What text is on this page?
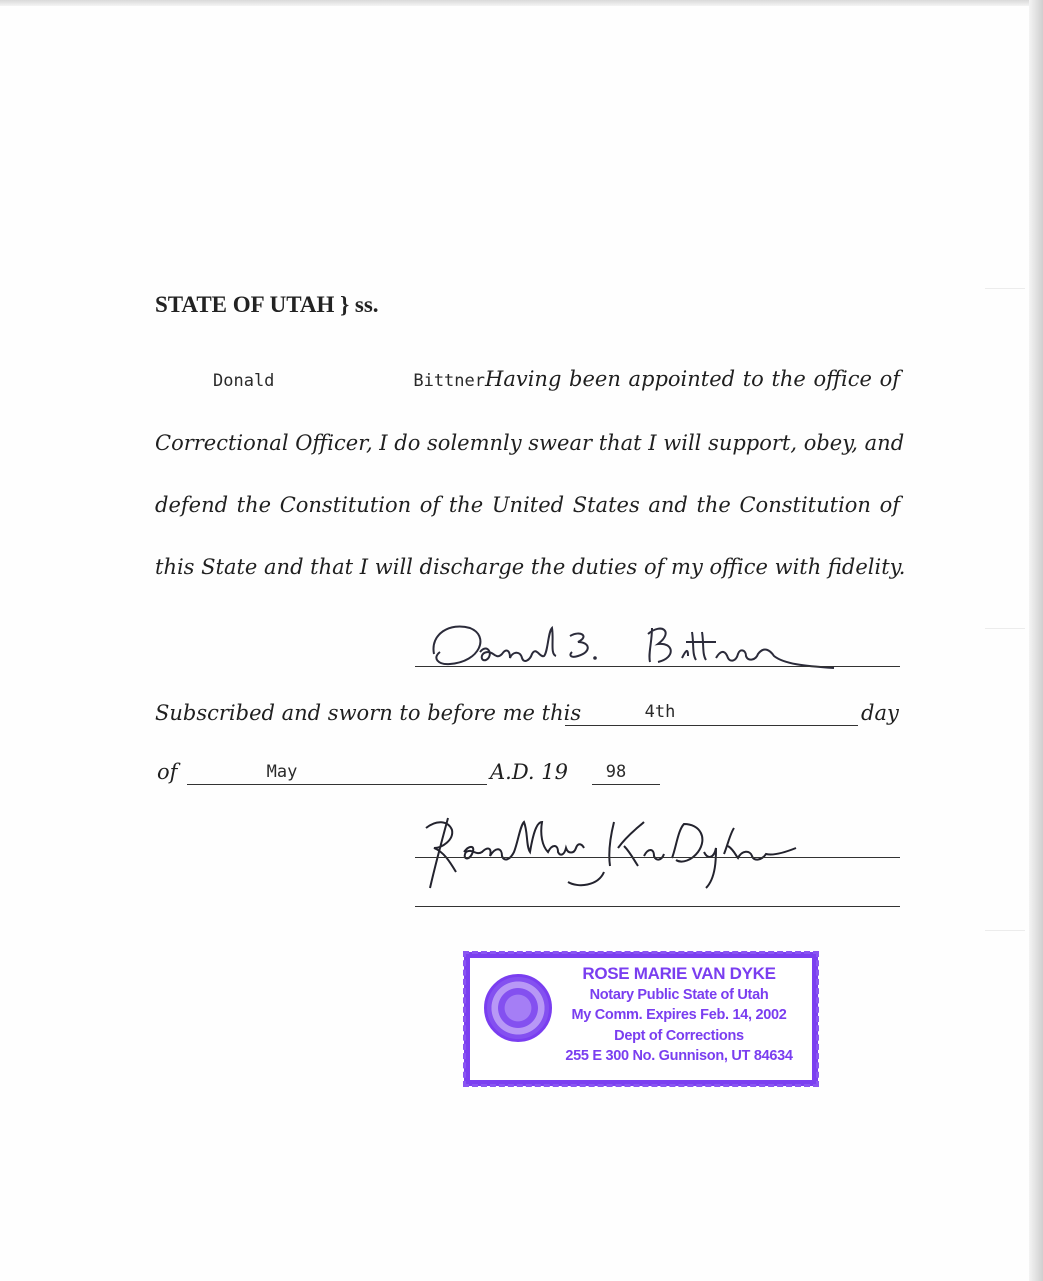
STATE OF UTAH } ss.
Donald BittnerHaving been appointed to the office of
Correctional Officer, I do solemnly swear that I will support, obey, and
defend the Constitution of the United States and the Constitution of
this State and that I will discharge the duties of my office with fidelity.
Subscribed and sworn to before me this	4th	day
of	May	A.D. 19	98
ROSE MARIE VAN DYKE
Notary Public State of Utah
My Comm. Expires Feb. 14, 2002
Dept of Corrections
255 E 300 No. Gunnison, UT 84634
